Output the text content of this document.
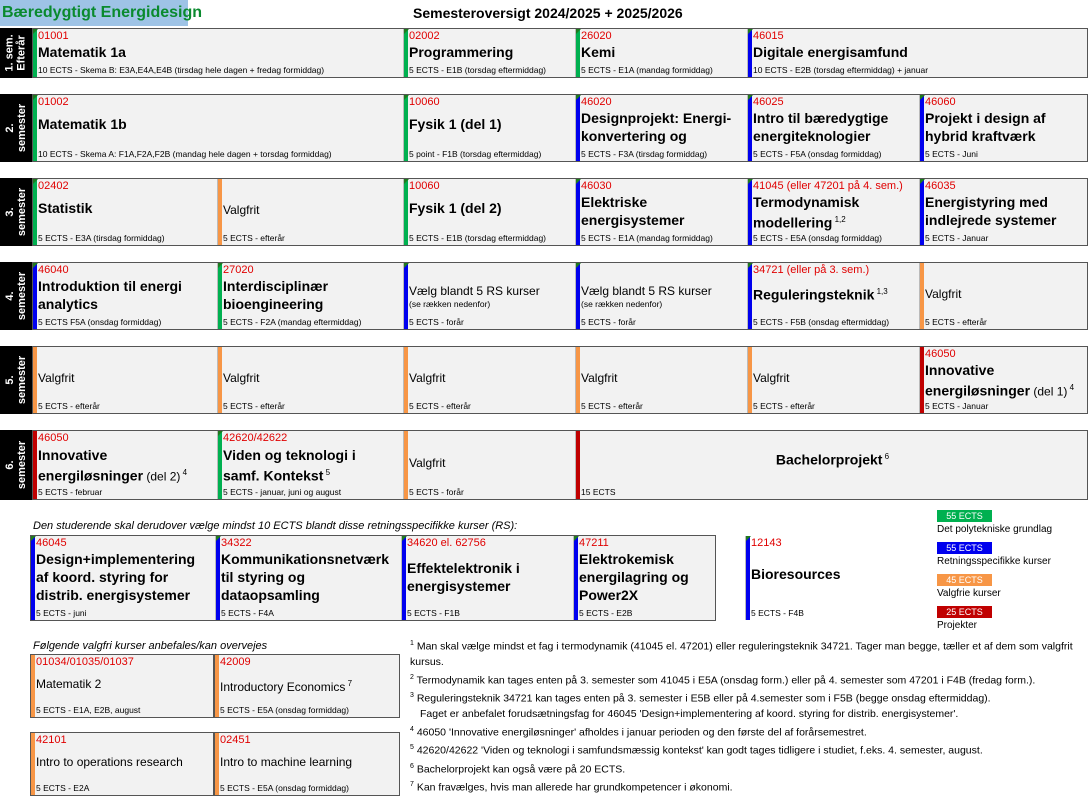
Bæredygtigt Energidesign	Semesteroversigt 2024/2025 + 2025/2026
1. sem.
Efterår 01001
Matematik 1a
10 ECTS - Skema B: E3A,E4A,E4B (tirsdag hele dagen + fredag formiddag)
02002
Programmering
5 ECTS - E1B (torsdag eftermiddag)
26020
Kemi
5 ECTS - E1A (mandag formiddag)
46015
Digitale energisamfund
10 ECTS - E2B (torsdag eftermiddag) + januar
2.
semester
01002
Matematik 1b
10 ECTS - Skema A: F1A,F2A,F2B (mandag hele dagen + torsdag formiddag)
10060
Fysik 1 (del 1)
5 point - F1B (torsdag eftermiddag)
46020
Designprojekt: Energi-
konvertering og
5 ECTS - F3A (tirsdag formiddag)
46025
Intro til bæredygtige
energiteknologier
5 ECTS - F5A (onsdag formiddag)
46060
Projekt i design af
hybrid kraftværk
5 ECTS - Juni
3.
semester
02402
Statistik
5 ECTS - E3A (tirsdag formiddag)
Valgfrit
5 ECTS - efterår
10060
Fysik 1 (del 2)
5 ECTS - E1B (torsdag eftermiddag)
46030
Elektriske
energisystemer
5 ECTS - E1A (mandag formiddag)
41045 (eller 47201 på 4. sem.)
Termodynamisk
modellering $^{1,2}$
5 ECTS - E5A (onsdag formiddag)
46035
Energistyring med
indlejrede systemer
5 ECTS - Januar
4.
semester
46040
Introduktion til energi
analytics
5 ECTS F5A (onsdag formiddag)
27020
Interdisciplinær
bioengineering
5 ECTS - F2A (mandag eftermiddag)
Vælg blandt 5 RS kurser
(se rækken nedenfor)
5 ECTS - forår
Vælg blandt 5 RS kurser
(se rækken nedenfor)
5 ECTS - forår
34721 (eller på 3. sem.)
Reguleringsteknik $^{1,3}$
5 ECTS - F5B (onsdag eftermiddag)
Valgfrit
5 ECTS - efterår
5.
semester Valgfrit
5 ECTS - efterår
Valgfrit
5 ECTS - efterår
Valgfrit
5 ECTS - efterår
Valgfrit
5 ECTS - efterår
Valgfrit
5 ECTS - efterår
46050
Innovative
energiløsninger (del 1) $^4$
5 ECTS - Januar
6.
semester
46050
Innovative
energiløsninger (del 2) $^4$
5 ECTS - februar
42620/42622
Viden og teknologi i
samf. Kontekst $^5$
5 ECTS - januar, juni og august
Valgfrit
5 ECTS - forår
Bachelorprojekt $^6$
15 ECTS
Den studerende skal derudover vælge mindst 10 ECTS blandt disse retningsspecifikke kurser (RS):
46045
Design+implementering
af koord. styring for
distrib. energisystemer
5 ECTS - juni
34322
Kommunikationsnetværk
til styring og
dataopsamling
5 ECTS - F4A
34620 el. 62756
Effektelektronik i
energisystemer
5 ECTS - F1B
47211
Elektrokemisk
energilagring og
Power2X
5 ECTS - E2B
12143
Bioresources
5 ECTS - F4B
Følgende valgfri kurser anbefales/kan overvejes
01034/01035/01037
Matematik 2
5 ECTS - E1A, E2B, august
42009
Introductory Economics $^7$
5 ECTS - E5A (onsdag formiddag)
42101
Intro to operations research
5 ECTS - E2A
02451
Intro to machine learning
5 ECTS - E5A (onsdag formiddag)
55 ECTS
Det polytekniske grundlag
55 ECTS
Retningsspecifikke kurser
45 ECTS
Valgfrie kurser
25 ECTS
Projekter

$^1$ Man skal vælge mindst et fag i termodynamik (41045 el. 47201) eller reguleringsteknik 34721. Tager man begge, tæller et af dem som valgfrit kursus.

$^2$ Termodynamik kan tages enten på 3. semester som 41045 i E5A (onsdag form.) eller på 4. semester som 47201 i F4B (fredag form.).

$^3$ Reguleringsteknik 34721 kan tages enten på 3. semester i E5B eller på 4.semester som i F5B (begge onsdag eftermiddag).

Faget er anbefalet forudsætningsfag for 46045 'Design+implementering af koord. styring for distrib. energisystemer'.

$^4$ 46050 'Innovative energiløsninger' afholdes i januar perioden og den første del af forårsemestret.

$^5$ 42620/42622 'Viden og teknologi i samfundsmæssig kontekst' kan godt tages tidligere i studiet, f.eks. 4. semester, august.

$^6$ Bachelorprojekt kan også være på 20 ECTS.

$^7$ Kan fravælges, hvis man allerede har grundkompetencer i økonomi.
